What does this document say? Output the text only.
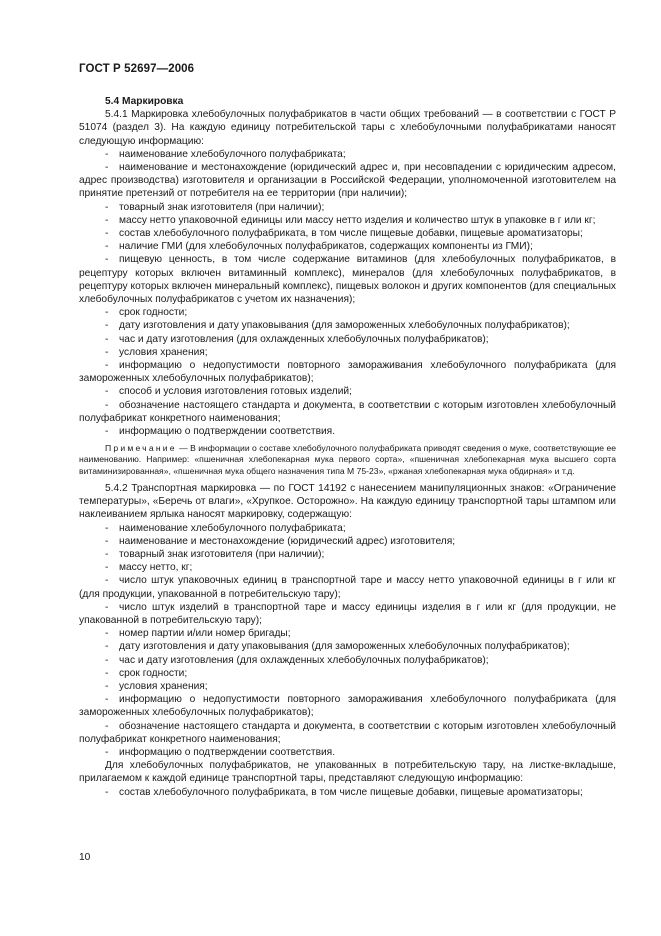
ГОСТ Р 52697—2006

5.4 Маркировка

5.4.1 Маркировка хлебобулочных полуфабрикатов в части общих требований — в соответствии с ГОСТ Р 51074 (раздел 3). На каждую единицу потребительской тары с хлебобулочными полуфабрикатами наносят следующую информацию:

- наименование хлебобулочного полуфабриката;

- наименование и местонахождение (юридический адрес и, при несовпадении с юридическим адресом, адрес производства) изготовителя и организации в Российской Федерации, уполномоченной изготовителем на принятие претензий от потребителя на ее территории (при наличии);

- товарный знак изготовителя (при наличии);

- массу нетто упаковочной единицы или массу нетто изделия и количество штук в упаковке в г или кг;

- состав хлебобулочного полуфабриката, в том числе пищевые добавки, пищевые ароматизаторы;

- наличие ГМИ (для хлебобулочных полуфабрикатов, содержащих компоненты из ГМИ);

- пищевую ценность, в том числе содержание витаминов (для хлебобулочных полуфабрикатов, в рецептуру которых включен витаминный комплекс), минералов (для хлебобулочных полуфабрикатов, в рецептуру которых включен минеральный комплекс), пищевых волокон и других компонентов (для специальных хлебобулочных полуфабрикатов с учетом их назначения);

- срок годности;

- дату изготовления и дату упаковывания (для замороженных хлебобулочных полуфабрикатов);

- час и дату изготовления (для охлажденных хлебобулочных полуфабрикатов);

- условия хранения;

- информацию о недопустимости повторного замораживания хлебобулочного полуфабриката (для замороженных хлебобулочных полуфабрикатов);

- способ и условия изготовления готовых изделий;

- обозначение настоящего стандарта и документа, в соответствии с которым изготовлен хлебобулочный полуфабрикат конкретного наименования;

- информацию о подтверждении соответствия.

Примечание — В информации о составе хлебобулочного полуфабриката приводят сведения о муке, соответствующие ее наименованию. Например: «пшеничная хлебопекарная мука первого сорта», «пшеничная хлебопекарная мука высшего сорта витаминизированная», «пшеничная мука общего назначения типа М 75-23», «ржаная хлебопекарная мука обдирная» и т.д.

5.4.2 Транспортная маркировка — по ГОСТ 14192 с нанесением манипуляционных знаков: «Ограничение температуры», «Беречь от влаги», «Хрупкое. Осторожно». На каждую единицу транспортной тары штампом или наклеиванием ярлыка наносят маркировку, содержащую:

- наименование хлебобулочного полуфабриката;

- наименование и местонахождение (юридический адрес) изготовителя;

- товарный знак изготовителя (при наличии);

- массу нетто, кг;

- число штук упаковочных единиц в транспортной таре и массу нетто упаковочной единицы в г или кг (для продукции, упакованной в потребительскую тару);

- число штук изделий в транспортной таре и массу единицы изделия в г или кг (для продукции, не упакованной в потребительскую тару);

- номер партии и/или номер бригады;

- дату изготовления и дату упаковывания (для замороженных хлебобулочных полуфабрикатов);

- час и дату изготовления (для охлажденных хлебобулочных полуфабрикатов);

- срок годности;

- условия хранения;

- информацию о недопустимости повторного замораживания хлебобулочного полуфабриката (для замороженных хлебобулочных полуфабрикатов);

- обозначение настоящего стандарта и документа, в соответствии с которым изготовлен хлебобулочный полуфабрикат конкретного наименования;

- информацию о подтверждении соответствия.

Для хлебобулочных полуфабрикатов, не упакованных в потребительскую тару, на листке-вкладыше, прилагаемом к каждой единице транспортной тары, представляют следующую информацию:

- состав хлебобулочного полуфабриката, в том числе пищевые добавки, пищевые ароматизаторы;

10
